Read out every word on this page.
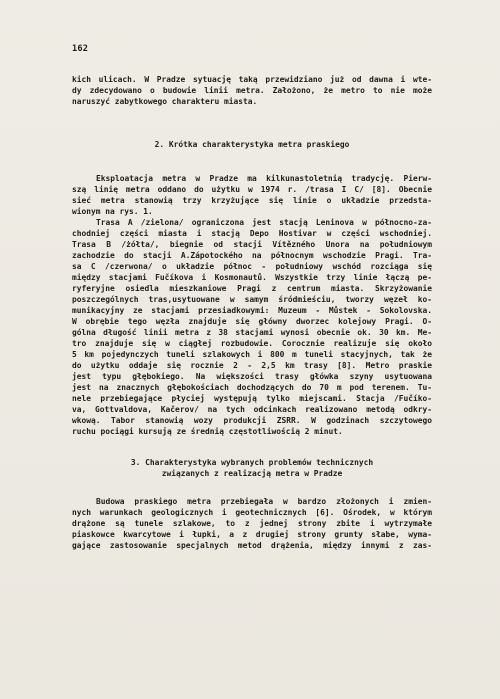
162
kich ulicach. W Pradze sytuację taką przewidziano już od dawna i wte-
dy zdecydowano o budowie linii metra. Założono, że metro to nie może
naruszyć zabytkowego charakteru miasta.
2. Krótka charakterystyka metra praskiego
Eksploatacja metra w Pradze ma kilkunastoletnią tradycję. Pierw-
szą linię metra oddano do użytku w 1974 r. /trasa I C/ [8]. Obecnie
sieć metra stanowią trzy krzyżujące się linie o układzie przedsta-
wionym na rys. 1.
Trasa A /zielona/ ograniczona jest stacją Leninova w północno-za-
chodniej części miasta i stacją Depo Hostivar w części wschodniej.
Trasa B /żółta/, biegnie od stacji Vítězného Unora na południowym
zachodzie do stacji A.Zápotockého na północnym wschodzie Pragi. Tra-
sa C /czerwona/ o układzie północ - południowy wschód rozciąga się
między stacjami Fučíkova i Kosmonautů. Wszystkie trzy linie łączą pe-
ryferyjne osiedla mieszkaniowe Pragi z centrum miasta. Skrzyżowanie
poszczególnych tras,usytuowane w samym śródmieściu, tworzy węzeł ko-
munikacyjny ze stacjami przesiadkowymi: Muzeum - Můstek - Sokolovska.
W obrębie tego węzła znajduje się główny dworzec kolejowy Pragi. O-
gólna długość linii metra z 38 stacjami wynosi obecnie ok. 30 km. Me-
tro znajduje się w ciągłej rozbudowie. Corocznie realizuje się około
5 km pojedynczych tuneli szlakowych i 800 m tuneli stacyjnych, tak że
do użytku oddaje się rocznie 2 - 2,5 km trasy [8]. Metro praskie
jest typu głębokiego. Na większości trasy główka szyny usytuowana
jest na znacznych głębokościach dochodzących do 70 m pod terenem. Tu-
nele przebiegające płyciej występują tylko miejscami. Stacja /Fučíko-
va, Gottvaldova, Kačerov/ na tych odcinkach realizowano metodą odkry-
wkową. Tabor stanowią wozy produkcji ZSRR. W godzinach szczytowego
ruchu pociągi kursują ze średnią częstotliwością 2 minut.
3. Charakterystyka wybranych problemów technicznych
związanych z realizacją metra w Pradze
Budowa praskiego metra przebiegała w bardzo złożonych i zmien-
nych warunkach geologicznych i geotechnicznych [6]. Ośrodek, w którym
drążone są tunele szlakowe, to z jednej strony zbite i wytrzymałe
piaskowce kwarcytowe i łupki, a z drugiej strony grunty słabe, wyma-
gające zastosowanie specjalnych metod drążenia, między innymi z zas-
